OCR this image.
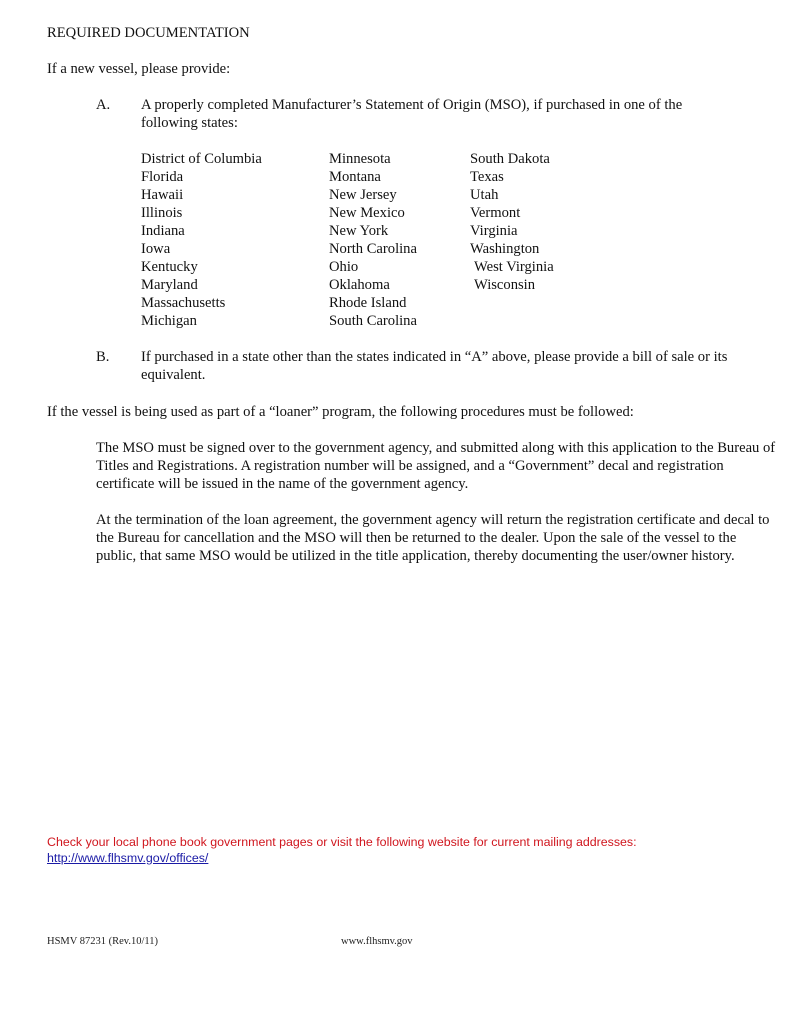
REQUIRED DOCUMENTATION
If a new vessel, please provide:
A. A properly completed Manufacturer’s Statement of Origin (MSO), if purchased in one of the following states:
District of Columbia
Florida
Hawaii
Illinois
Indiana
Iowa
Kentucky
Maryland
Massachusetts
Michigan
Minnesota
Montana
New Jersey
New Mexico
New York
North Carolina
Ohio
Oklahoma
Rhode Island
South Carolina
South Dakota
Texas
Utah
Vermont
Virginia
Washington
West Virginia
Wisconsin
B. If purchased in a state other than the states indicated in “A” above, please provide a bill of sale or its equivalent.
If the vessel is being used as part of a “loaner” program, the following procedures must be followed:
The MSO must be signed over to the government agency, and submitted along with this application to the Bureau of Titles and Registrations. A registration number will be assigned, and a “Government” decal and registration certificate will be issued in the name of the government agency.
At the termination of the loan agreement, the government agency will return the registration certificate and decal to the Bureau for cancellation and the MSO will then be returned to the dealer. Upon the sale of the vessel to the public, that same MSO would be utilized in the title application, thereby documenting the user/owner history.
Check your local phone book government pages or visit the following website for current mailing addresses:
http://www.flhsmv.gov/offices/
HSMV 87231 (Rev.10/11)	www.flhsmv.gov
